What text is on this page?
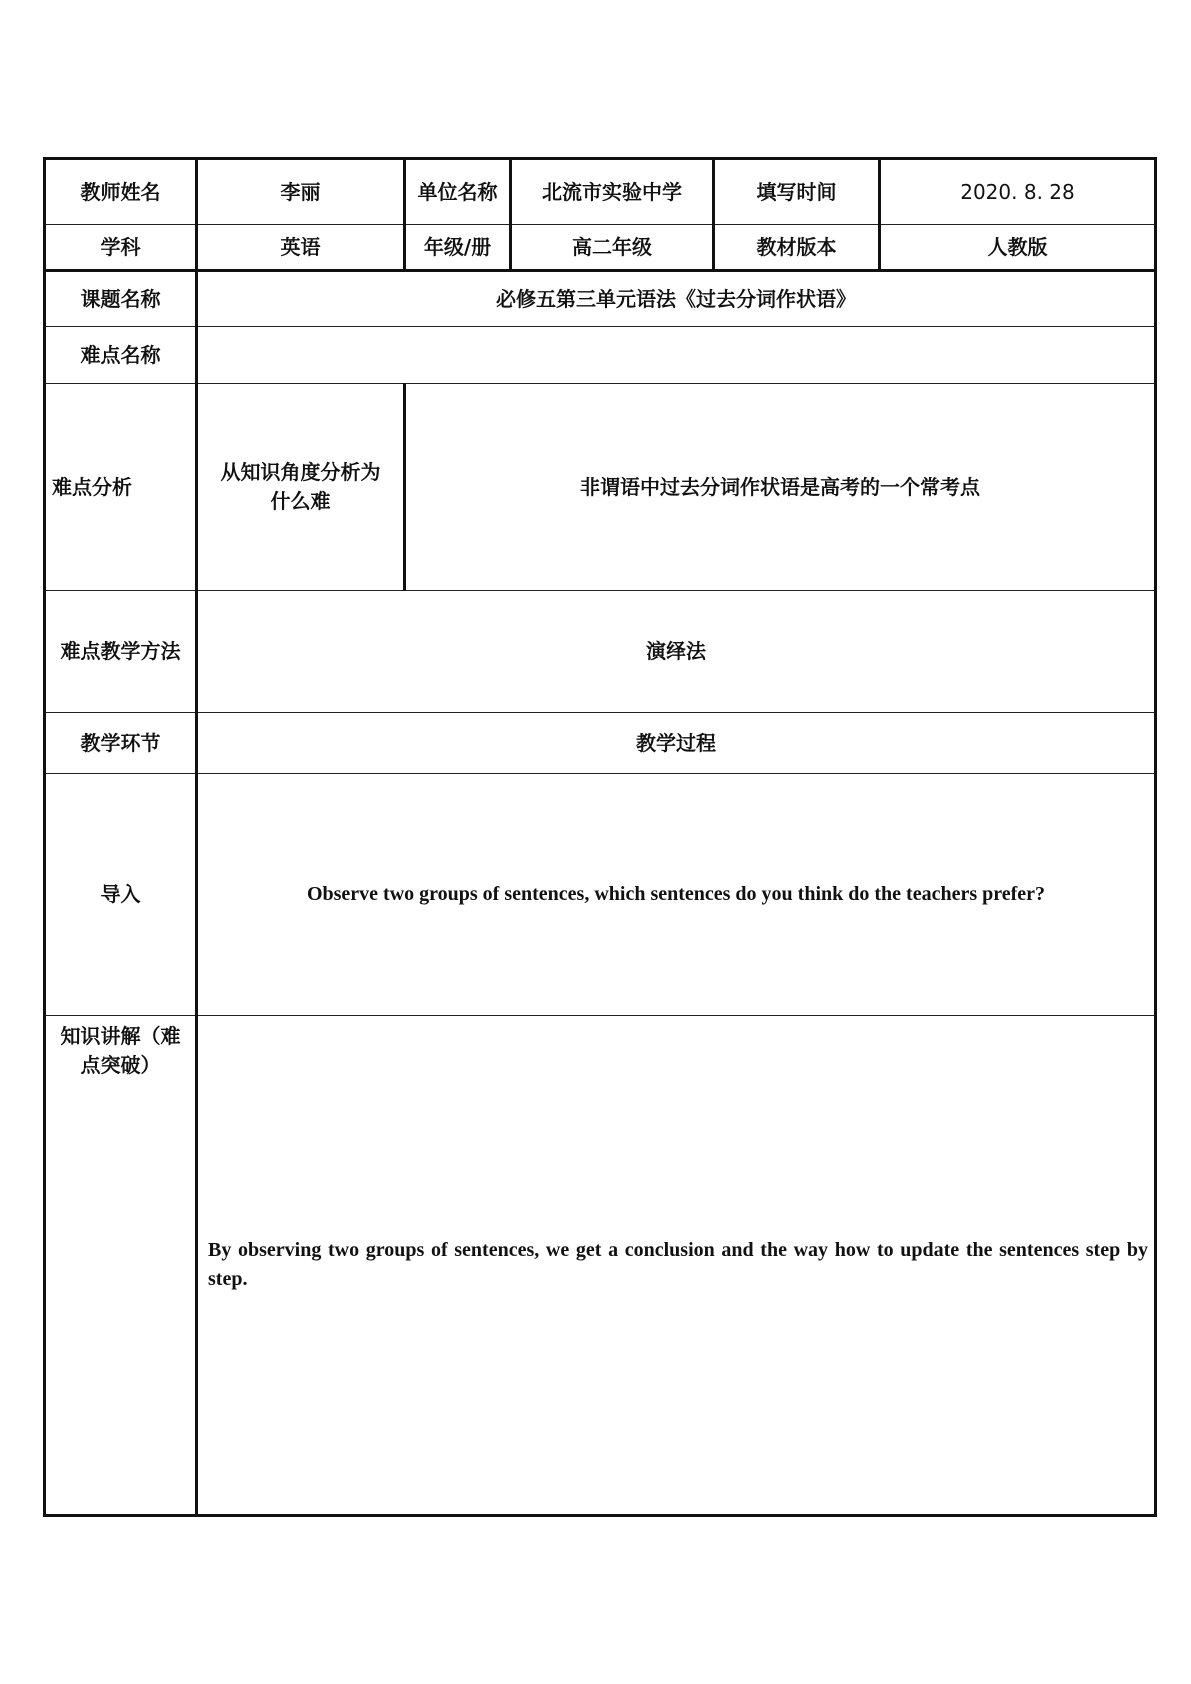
教师姓名	李丽	单位名称	北流市实验中学	填写时间	2020. 8. 28
学科	英语	年级/册	高二年级	教材版本	人教版
课题名称	必修五第三单元语法《过去分词作状语》				
难点名称					
难点分析	从知识角度分析为什么难	非谓语中过去分词作状语是高考的一个常考点			
难点教学方法	演绎法				
教学环节	教学过程				
导入	Observe two groups of sentences, which sentences do you think do the teachers prefer?				
知识讲解（难点突破）	By observing two groups of sentences, we get a conclusion and the way how to update the sentences step by step.				
